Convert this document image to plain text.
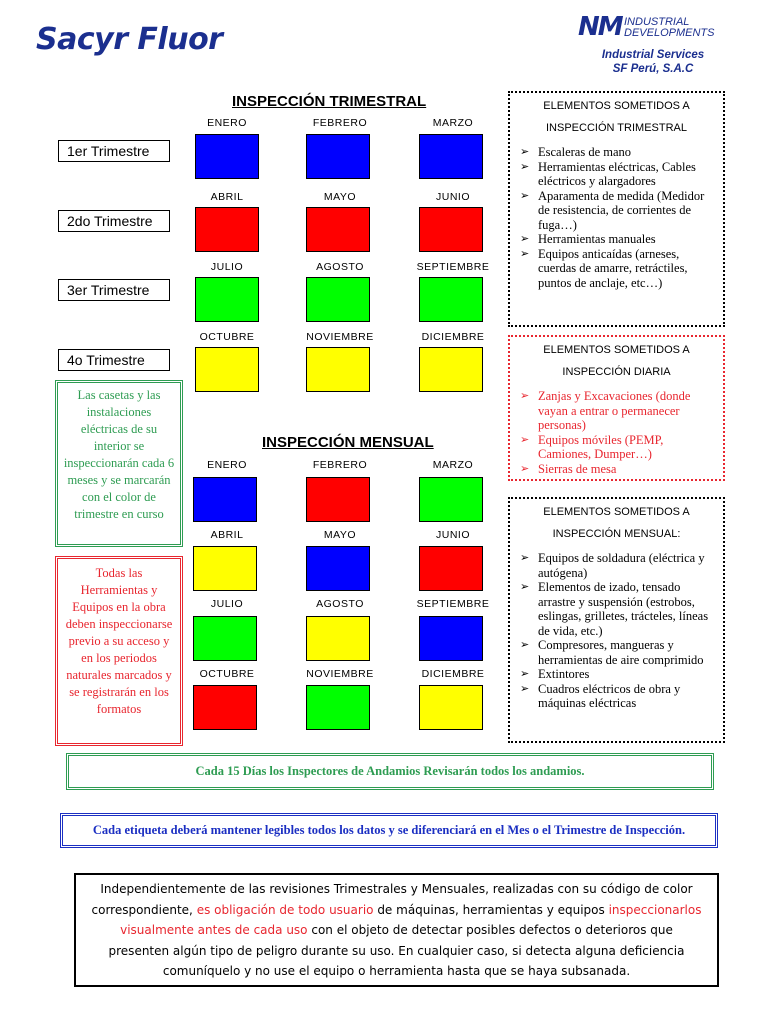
Sacyr Fluor	NM INDUSTRIAL
DEVELOPMENTS
Industrial Services
SF Perú, S.A.C
INSPECCIÓN TRIMESTRAL
1er Trimestre
ENERO	FEBRERO	MARZO
2do Trimestre
ABRIL	MAYO	JUNIO
3er Trimestre
JULIO	AGOSTO	SEPTIEMBRE
4o Trimestre
OCTUBRE	NOVIEMBRE	DICIEMBRE
INSPECCIÓN MENSUAL
ENERO	FEBRERO	MARZO
ABRIL	MAYO	JUNIO
JULIO	AGOSTO	SEPTIEMBRE
OCTUBRE	NOVIEMBRE	DICIEMBRE
Las casetas y las instalaciones eléctricas de su interior se inspeccionarán cada 6 meses y se marcarán con el color de trimestre en curso
Todas las Herramientas y Equipos en la obra deben inspeccionarse previo a su acceso y en los periodos naturales marcados y se registrarán en los formatos
ELEMENTOS SOMETIDOS A
INSPECCIÓN TRIMESTRAL
➢ Escaleras de mano
➢ Herramientas eléctricas, Cables eléctricos y alargadores
➢ Aparamenta de medida (Medidor de resistencia, de corrientes de fuga…)
➢ Herramientas manuales
➢ Equipos anticaídas (arneses, cuerdas de amarre, retráctiles, puntos de anclaje, etc…)
ELEMENTOS SOMETIDOS A
INSPECCIÓN DIARIA
➢ Zanjas y Excavaciones (donde vayan a entrar o permanecer personas)
➢ Equipos móviles (PEMP, Camiones, Dumper…)
➢ Sierras de mesa
ELEMENTOS SOMETIDOS A
INSPECCIÓN MENSUAL:
➢ Equipos de soldadura (eléctrica y autógena)
➢ Elementos de izado, tensado arrastre y suspensión (estrobos, eslingas, grilletes, trácteles, líneas de vida, etc.)
➢ Compresores, mangueras y herramientas de aire comprimido
➢ Extintores
➢ Cuadros eléctricos de obra y máquinas eléctricas
Cada 15 Días los Inspectores de Andamios Revisarán todos los andamios.
Cada etiqueta deberá mantener legibles todos los datos y se diferenciará en el Mes o el Trimestre de Inspección.
Independientemente de las revisiones Trimestrales y Mensuales, realizadas con su código de color correspondiente, es obligación de todo usuario de máquinas, herramientas y equipos inspeccionarlos visualmente antes de cada uso con el objeto de detectar posibles defectos o deterioros que presenten algún tipo de peligro durante su uso. En cualquier caso, si detecta alguna deficiencia comuníquelo y no use el equipo o herramienta hasta que se haya subsanada.
